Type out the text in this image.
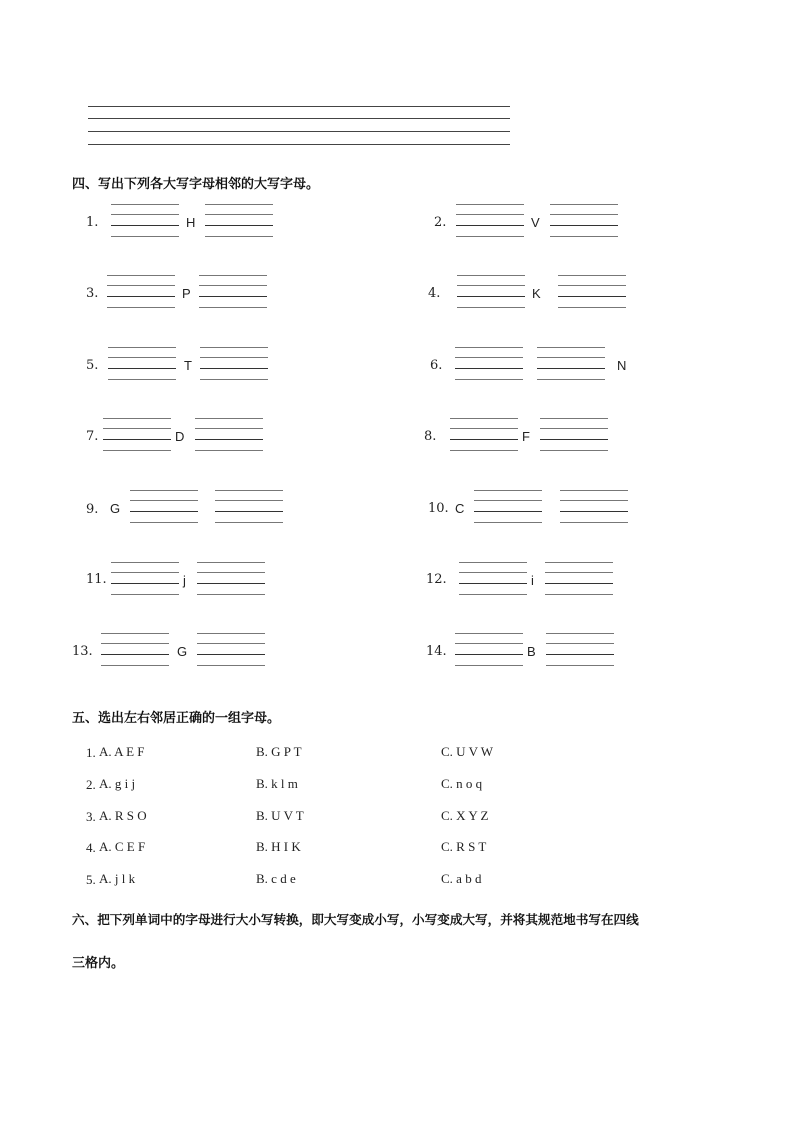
四、写出下列各大写字母相邻的大写字母。
1.	H	2.	V
3.	P	4.	K
5.	T	6.	N
7.	D	8.	F
9. G	10. C
11.	j	12.	i
13.	G	14.	B
五、选出左右邻居正确的一组字母。
1. A. A E F	B. G P T	C. U V W
2. A. g i j	B. k l m	C. n o q
3. A. R S O	B. U V T	C. X Y Z
4. A. C E F	B. H I K	C. R S T
5. A. j l k	B. c d e	C. a b d
六、把下列单词中的字母进行大小写转换，即大写变成小写，小写变成大写，并将其规范地书写在四线
三格内。
